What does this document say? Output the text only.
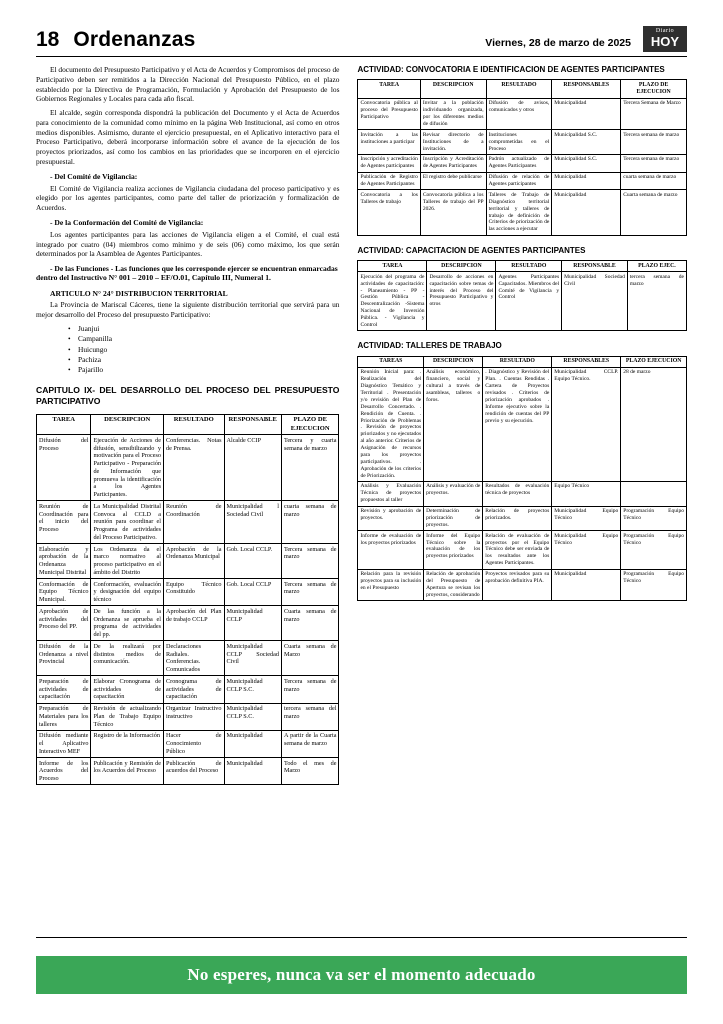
18 Ordenanzas	Viernes, 28 de marzo de 2025
Diario
HOY

El documento del Presupuesto Participativo y el Acta de Acuerdos y Compromisos del proceso de Participativo deben ser remitidos a la Dirección Nacional del Presupuesto Público, en el plazo establecido por la Directiva de Programación, Formulación y Aprobación del Presupuesto de los Gobiernos Regionales y Locales para cada año fiscal.

El alcalde, según corresponda dispondrá la publicación del Documento y el Acta de Acuerdos para conocimiento de la comunidad como mínimo en la página Web Institucional, así como en otros medios disponibles. Asimismo, durante el ejercicio presupuestal, en el Aplicativo interactivo para el Proceso Participativo, deberá incorporarse información sobre el avance de la ejecución de los proyectos priorizados, así como los cambios en las prioridades que se incorporen en el ejercicio presupuestal.

- Del Comité de Vigilancia:

El Comité de Vigilancia realiza acciones de Vigilancia ciudadana del proceso participativo y es elegido por los agentes participantes, como parte del taller de priorización y formalización de Acuerdos.

- De la Conformación del Comité de Vigilancia:

Los agentes participantes para las acciones de Vigilancia eligen a el Comité, el cual está integrado por cuatro (04) miembros como mínimo y de seis (06) como máximo, los que serán determinados por la Asamblea de Agentes Participantes.

- De las Funciones - Las funciones que les corresponde ejercer se encuentran enmarcadas dentro del Instructivo N° 001 – 2010 – EF/O.01, Capítulo III, Numeral 1.
ARTICULO N° 24° DISTRIBUCION TERRITORIAL

La Provincia de Mariscal Cáceres, tiene la siguiente distribución territorial que servirá para un mejor desarrollo del Proceso del presupuesto Participativo:

• Juanjui
• Campanilla
• Huicungo
• Pachiza
• Pajarillo
CAPITULO IX- DEL DESARROLLO DEL PROCESO DEL PRESUPUESTO PARTICIPATIVO
TAREA	DESCRIPCION	RESULTADO	RESPONSABLE	PLAZO DE EJECUCION
Difusión del Proceso	Ejecución de Acciones de difusión, sensibilizando y motivación para el Proceso Participativo - Preparación de Información que promueva la identificación a los Agentes Participantes.	Conferencias. Notas de Prensa.	Alcalde CCIP	Tercera y cuarta semana de marzo
Reunión de Coordinación para el inicio del Proceso	La Municipalidad Distrital Convoca al CCLD a reunión para coordinar el Programa de actividades del Proceso Participativo.	Reunión de Coordinación	Municipalidad l Sociedad Civil	cuarta semana de marzo
Elaboración y aprobación de la Ordenanza Municipal Distrital	Los Ordenanza da el marco normativo al proceso participativo en el ámbito del Distrito	Aprobación de la Ordenanza Municipal	Gob. Local CCLP.	Tercera semana de marzo
Conformación de Equipo Técnico Municipal.	Conformación, evaluación y designación del equipo técnico	Equipo Técnico Constituido	Gob. Local CCLP	Tercera semana de marzo
Aprobación de actividades del Proceso del PP.	De las función a la Ordenanza se aprueba el programa de actividades del pp.	Aprobación del Plan de trabajo CCLP	Municipalidad CCLP	Cuarta semana de marzo
Difusión de la Ordenanza a nivel Provincial	De la realizará por distintos medios de comunicación.	Declaraciones Radiales. Conferencias. Comunicados	Municipalidad CCLP Sociedad Civil	Cuarta semana de Marzo
Preparación de actividades de capacitación	Elaborar Cronograma de actividades de capacitación	Cronograma de actividades de capacitación	Municipalidad CCLP S.C.	Tercera semana de marzo
Preparación de Materiales para los talleres	Revisión de actualizando Plan de Trabajo Equipo Técnico	Organizar Instructivo instructivo	Municipalidad CCLP S.C.	tercera semana del marzo
Difusión mediante el Aplicativo Interactivo MEF	Registro de la Información	Hacer de Conocimiento Público	Municipalidad	A partir de la Cuarta semana de marzo
Informe de los Acuerdos del Proceso	Publicación y Remisión de los Acuerdos del Proceso	Publicación de acuerdos del Proceso	Municipalidad	Todo el mes de Marzo
ACTIVIDAD: CONVOCATORIA E IDENTIFICACION DE AGENTES PARTICIPANTES
TAREA	DESCRIPCION	RESULTADO	RESPONSABLES	PLAZO DE EJECUCION
Convocatoria pública al proceso del Presupuesto Participativo	Invitar a la población individuando organizada, por los diferentes medios de difusión	Difusión de avisos, comunicados y otros	Municipalidad	Tercera Semana de Marzo
Invitación a las instituciones a participar	Revisar directorio de Instituciones de a invitación.	Instituciones comprometidas en el Proceso	Municipalidad S.C.	Tercera semana de marzo
Inscripción y acreditación de Agentes participantes	Inscripción y Acreditación de Agentes Participantes	Padrón actualizado de Agentes Participantes	Municipalidad S.C.	Tercera semana de marzo
Publicación de Registro de Agentes Participantes	El registro debe publicarse	Difusión de relación de Agentes participantes	Municipalidad	cuarta semana de marzo
Convocatoria a los Talleres de trabajo	Convocatoria pública a los Talleres de trabajo del PP 2026.	Talleres de Trabajo de Diagnóstico territorial territorial y talleres de trabajo de definición de Criterios de priorización de las acciones a ejecutar	Municipalidad	Cuarta semana de marzo
ACTIVIDAD: CAPACITACION DE AGENTES PARTICIPANTES
TAREA	DESCRIPCION	RESULTADO	RESPONSABLE	PLAZO EJEC.
Ejecución del programa de actividades de capacitación: - Planeamiento - PP - Gestión Pública - Descentralización -Sistema Nacional de Inversión Pública. - Vigilancia y Control	Desarrollo de acciones en capacitación sobre temas de interés del Proceso del Presupuesto Participativo y otros	Agentes Participantes Capacitados. Miembros del Comité de Vigilancia y Control	Municipalidad Sociedad Civil	tercera semana de marzo
ACTIVIDAD: TALLERES DE TRABAJO
TAREAS	DESCRIPCION	RESULTADO	RESPONSABLES	PLAZO EJECUCION
Reunión Inicial para: . Realización del Diagnóstico Temático y Territorial . Presentación y/o revisión del Plan de Desarrollo Concertado. . Rendición de Cuenta. . Priorización de Problemas . Revisión de proyectos priorizados y no ejecutados al año anterior. Criterios de Asignación de recursos para los proyectos participativos. . Aprobación de los criterios de Priorización.	Análisis económico, financiero, social y cultural a través de asambleas, talleres o foros.	. Diagnóstico y Revisión del Plan. . Cuentas Rendidas . Cartera de Proyectos revisados . Criterios de priorización aprobados . Informe ejecutivo sobre la rendición de cuentas del PP previo y su ejecución.	Municipalidad CCLP. Equipo Técnico.	28 de marzo
Análisis y Evaluación Técnica de proyectos propuestos al taller	Análisis y evaluación de proyectos.	Resultados de evaluación técnica de proyectos	Equipo Técnico	
Revisión y aprobación de proyectos.	Determinación de priorización de proyectos.	Relación de proyectos priorizados.	Municipalidad Equipo Técnico	Programación Equipo Técnico
Informe de evaluación de los proyectos priorizados	Informe del Equipo Técnico sobre la evaluación de los proyectos priorizados	Relación de evaluación de proyectos por el Equipo Técnico debe ser enviada de los resultados ante los Agentes Participantes.	Municipalidad Equipo Técnico	Programación Equipo Técnico
Relación para la revisión proyectos para su inclusión en el Presupuesto	Relación de aprobación del Presupuesto de Apertura se revisan los proyectos, considerando	Proyectos revisados para su aprobación definitiva PIA.	Municipalidad	Programación Equipo Técnico
No esperes, nunca va ser el momento adecuado
